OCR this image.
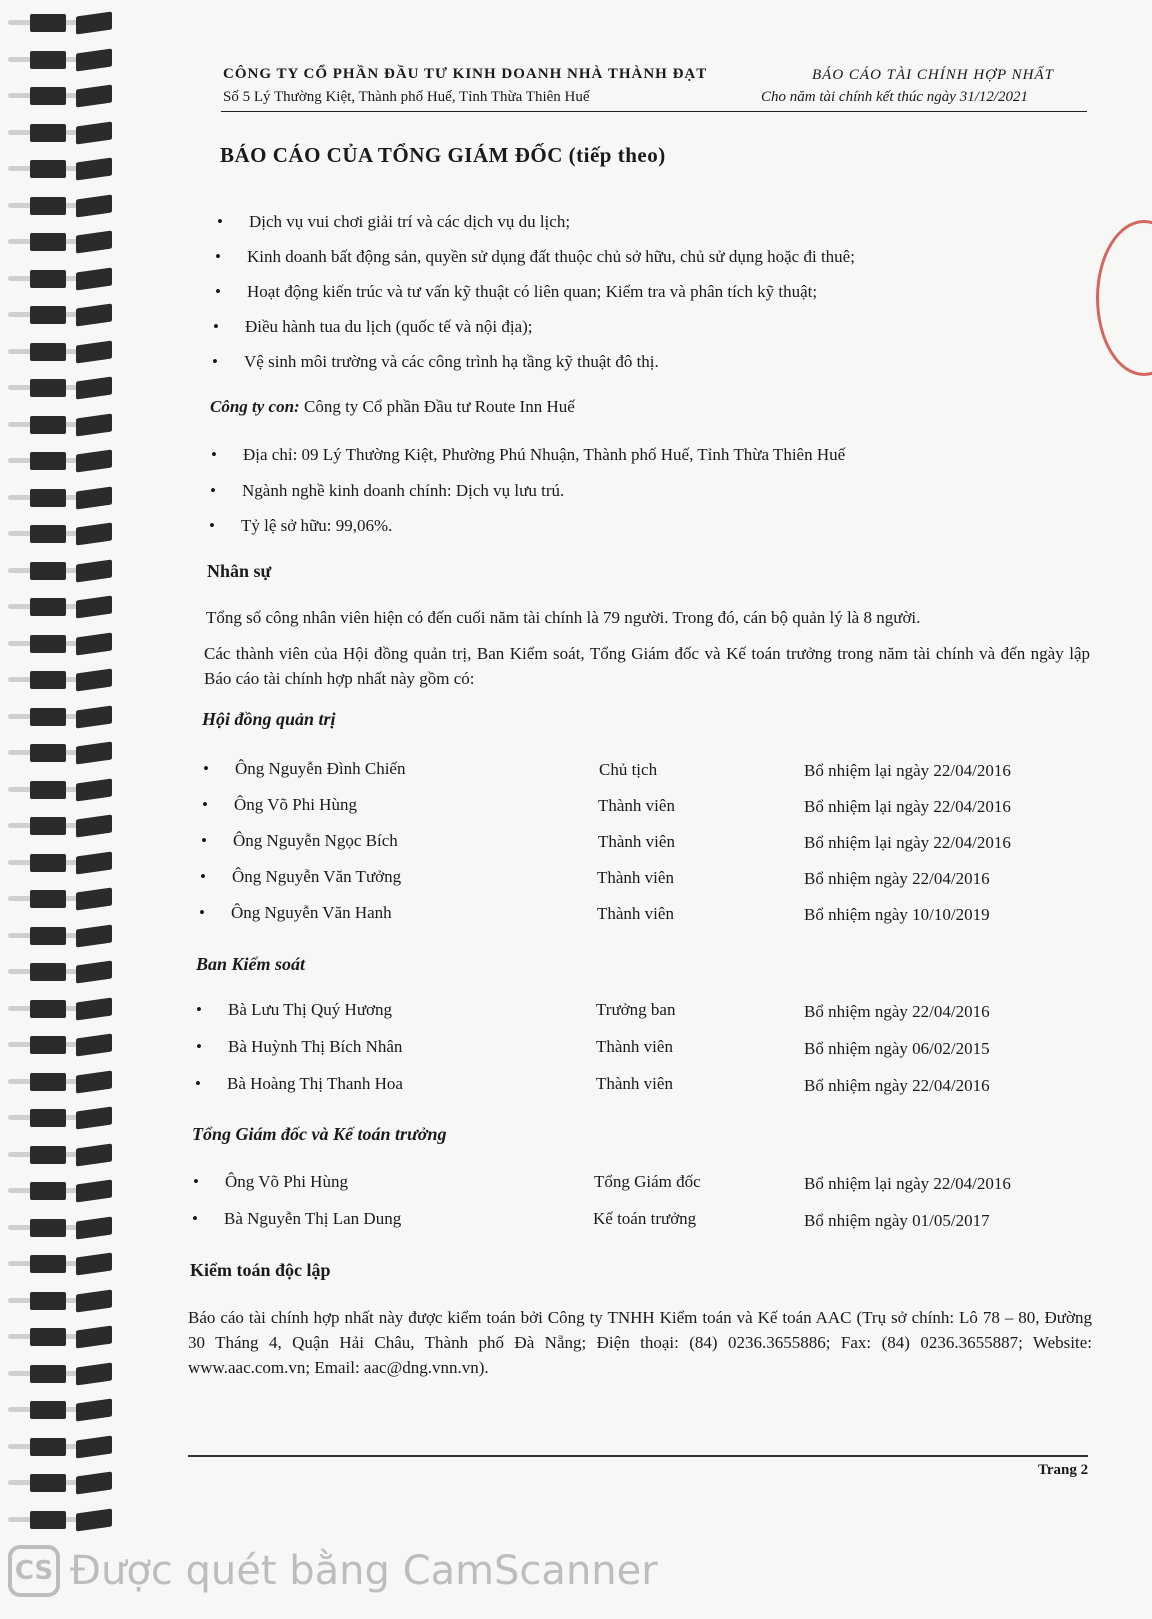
CÔNG TY CỔ PHẦN ĐẦU TƯ KINH DOANH NHÀ THÀNH ĐẠT
Số 5 Lý Thường Kiệt, Thành phố Huế, Tỉnh Thừa Thiên Huế
BÁO CÁO TÀI CHÍNH HỢP NHẤT
Cho năm tài chính kết thúc ngày 31/12/2021
BÁO CÁO CỦA TỔNG GIÁM ĐỐC (tiếp theo)
• Dịch vụ vui chơi giải trí và các dịch vụ du lịch;
• Kinh doanh bất động sản, quyền sử dụng đất thuộc chủ sở hữu, chủ sử dụng hoặc đi thuê;
• Hoạt động kiến trúc và tư vấn kỹ thuật có liên quan; Kiểm tra và phân tích kỹ thuật;
• Điều hành tua du lịch (quốc tế và nội địa);
• Vệ sinh môi trường và các công trình hạ tầng kỹ thuật đô thị.
Công ty con: Công ty Cổ phần Đầu tư Route Inn Huế
• Địa chỉ: 09 Lý Thường Kiệt, Phường Phú Nhuận, Thành phố Huế, Tỉnh Thừa Thiên Huế
• Ngành nghề kinh doanh chính: Dịch vụ lưu trú.
• Tỷ lệ sở hữu: 99,06%.
Nhân sự
Tổng số công nhân viên hiện có đến cuối năm tài chính là 79 người. Trong đó, cán bộ quản lý là 8 người.
Các thành viên của Hội đồng quản trị, Ban Kiểm soát, Tổng Giám đốc và Kế toán trưởng trong năm tài chính và đến ngày lập Báo cáo tài chính hợp nhất này gồm có:
Hội đồng quản trị
• Ông Nguyễn Đình Chiến	Chủ tịch	Bổ nhiệm lại ngày 22/04/2016
• Ông Võ Phi Hùng	Thành viên	Bổ nhiệm lại ngày 22/04/2016
• Ông Nguyễn Ngọc Bích	Thành viên	Bổ nhiệm lại ngày 22/04/2016
• Ông Nguyễn Văn Tưởng	Thành viên	Bổ nhiệm ngày 22/04/2016
• Ông Nguyễn Văn Hanh	Thành viên	Bổ nhiệm ngày 10/10/2019
Ban Kiểm soát
• Bà Lưu Thị Quý Hương	Trưởng ban	Bổ nhiệm ngày 22/04/2016
• Bà Huỳnh Thị Bích Nhân	Thành viên	Bổ nhiệm ngày 06/02/2015
• Bà Hoàng Thị Thanh Hoa	Thành viên	Bổ nhiệm ngày 22/04/2016
Tổng Giám đốc và Kế toán trưởng
• Ông Võ Phi Hùng	Tổng Giám đốc	Bổ nhiệm lại ngày 22/04/2016
• Bà Nguyễn Thị Lan Dung	Kế toán trưởng	Bổ nhiệm ngày 01/05/2017
Kiểm toán độc lập
Báo cáo tài chính hợp nhất này được kiểm toán bởi Công ty TNHH Kiểm toán và Kế toán AAC (Trụ sở chính: Lô 78 – 80, Đường 30 Tháng 4, Quận Hải Châu, Thành phố Đà Nẵng; Điện thoại: (84) 0236.3655886; Fax: (84) 0236.3655887; Website: www.aac.com.vn; Email: aac@dng.vnn.vn).
Trang 2
CS Được quét bằng CamScanner
